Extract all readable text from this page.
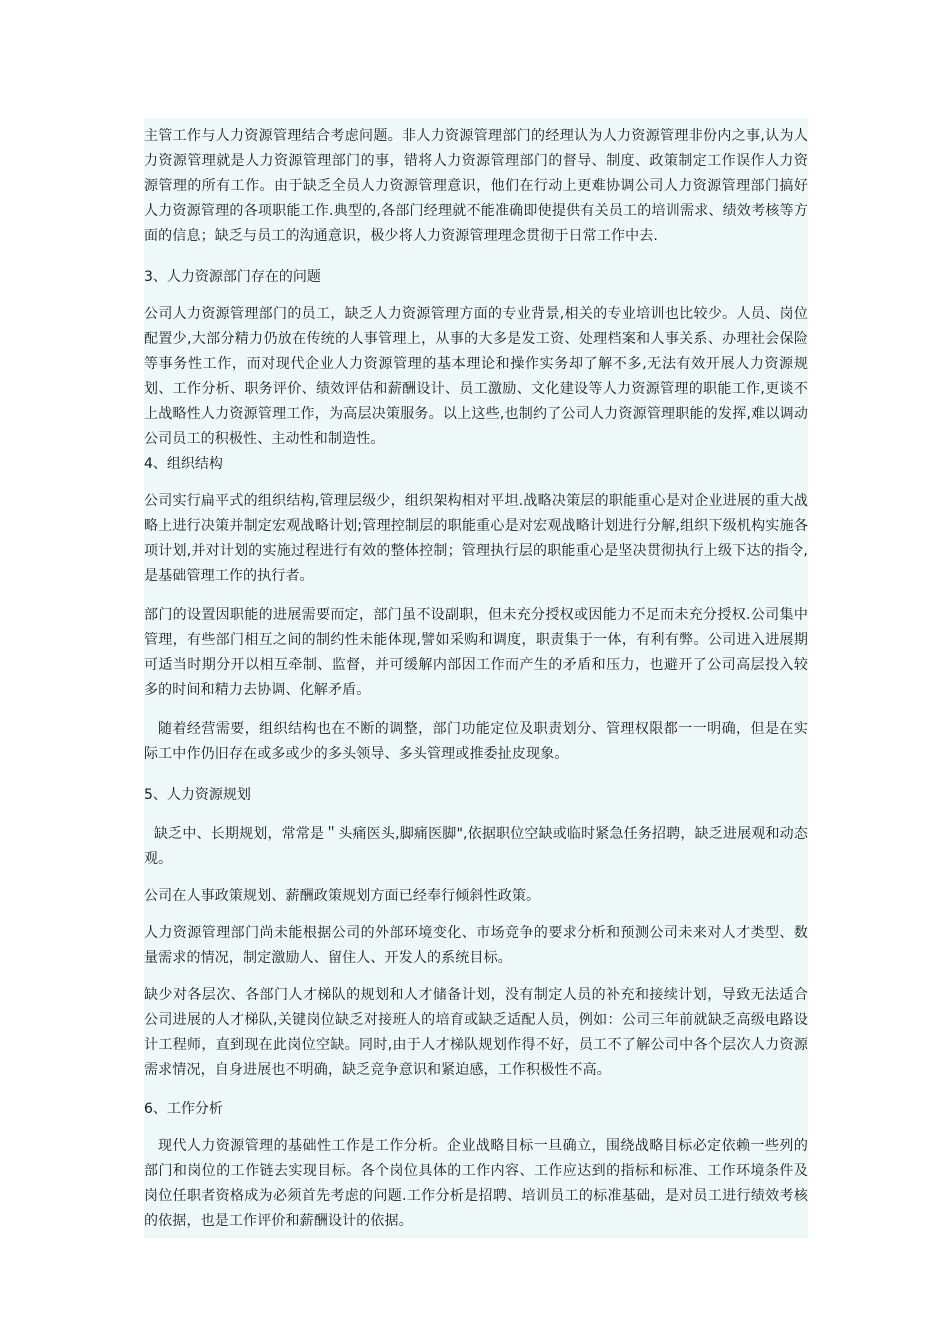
主管工作与人力资源管理结合考虑问题。非人力资源管理部门的经理认为人力资源管理非份内之事,认为人力资源管理就是人力资源管理部门的事，错将人力资源管理部门的督导、制度、政策制定工作误作人力资源管理的所有工作。由于缺乏全员人力资源管理意识，他们在行动上更难协调公司人力资源管理部门搞好人力资源管理的各项职能工作.典型的,各部门经理就不能准确即使提供有关员工的培训需求、绩效考核等方面的信息；缺乏与员工的沟通意识，极少将人力资源管理理念贯彻于日常工作中去.

3、人力资源部门存在的问题

公司人力资源管理部门的员工，缺乏人力资源管理方面的专业背景,相关的专业培训也比较少。人员、岗位配置少,大部分精力仍放在传统的人事管理上，从事的大多是发工资、处理档案和人事关系、办理社会保险等事务性工作，而对现代企业人力资源管理的基本理论和操作实务却了解不多,无法有效开展人力资源规划、工作分析、职务评价、绩效评估和薪酬设计、员工激励、文化建设等人力资源管理的职能工作,更谈不上战略性人力资源管理工作，为高层决策服务。以上这些,也制约了公司人力资源管理职能的发挥,难以调动公司员工的积极性、主动性和制造性。

4、组织结构

公司实行扁平式的组织结构,管理层级少，组织架构相对平坦.战略决策层的职能重心是对企业进展的重大战略上进行决策并制定宏观战略计划;管理控制层的职能重心是对宏观战略计划进行分解,组织下级机构实施各项计划,并对计划的实施过程进行有效的整体控制；管理执行层的职能重心是坚决贯彻执行上级下达的指令,是基础管理工作的执行者。

部门的设置因职能的进展需要而定，部门虽不设副职，但未充分授权或因能力不足而未充分授权.公司集中管理，有些部门相互之间的制约性未能体现,譬如采购和调度，职责集于一体，有利有弊。公司进入进展期可适当时期分开以相互牵制、监督，并可缓解内部因工作而产生的矛盾和压力，也避开了公司高层投入较多的时间和精力去协调、化解矛盾。

随着经营需要，组织结构也在不断的调整，部门功能定位及职责划分、管理权限都一一明确，但是在实际工中作仍旧存在或多或少的多头领导、多头管理或推委扯皮现象。

5、人力资源规划

缺乏中、长期规划，常常是＂头痛医头,脚痛医脚",依据职位空缺或临时紧急任务招聘，缺乏进展观和动态观。

公司在人事政策规划、薪酬政策规划方面已经奉行倾斜性政策。

人力资源管理部门尚未能根据公司的外部环境变化、市场竞争的要求分析和预测公司未来对人才类型、数量需求的情况，制定激励人、留住人、开发人的系统目标。

缺少对各层次、各部门人才梯队的规划和人才储备计划，没有制定人员的补充和接续计划，导致无法适合公司进展的人才梯队,关键岗位缺乏对接班人的培育或缺乏适配人员，例如：公司三年前就缺乏高级电路设计工程师，直到现在此岗位空缺。同时,由于人才梯队规划作得不好，员工不了解公司中各个层次人力资源需求情况，自身进展也不明确，缺乏竞争意识和紧迫感，工作积极性不高。

6、工作分析

现代人力资源管理的基础性工作是工作分析。企业战略目标一旦确立，围绕战略目标必定依赖一些列的部门和岗位的工作链去实现目标。各个岗位具体的工作内容、工作应达到的指标和标准、工作环境条件及岗位任职者资格成为必须首先考虑的问题.工作分析是招聘、培训员工的标准基础，是对员工进行绩效考核的依据，也是工作评价和薪酬设计的依据。
